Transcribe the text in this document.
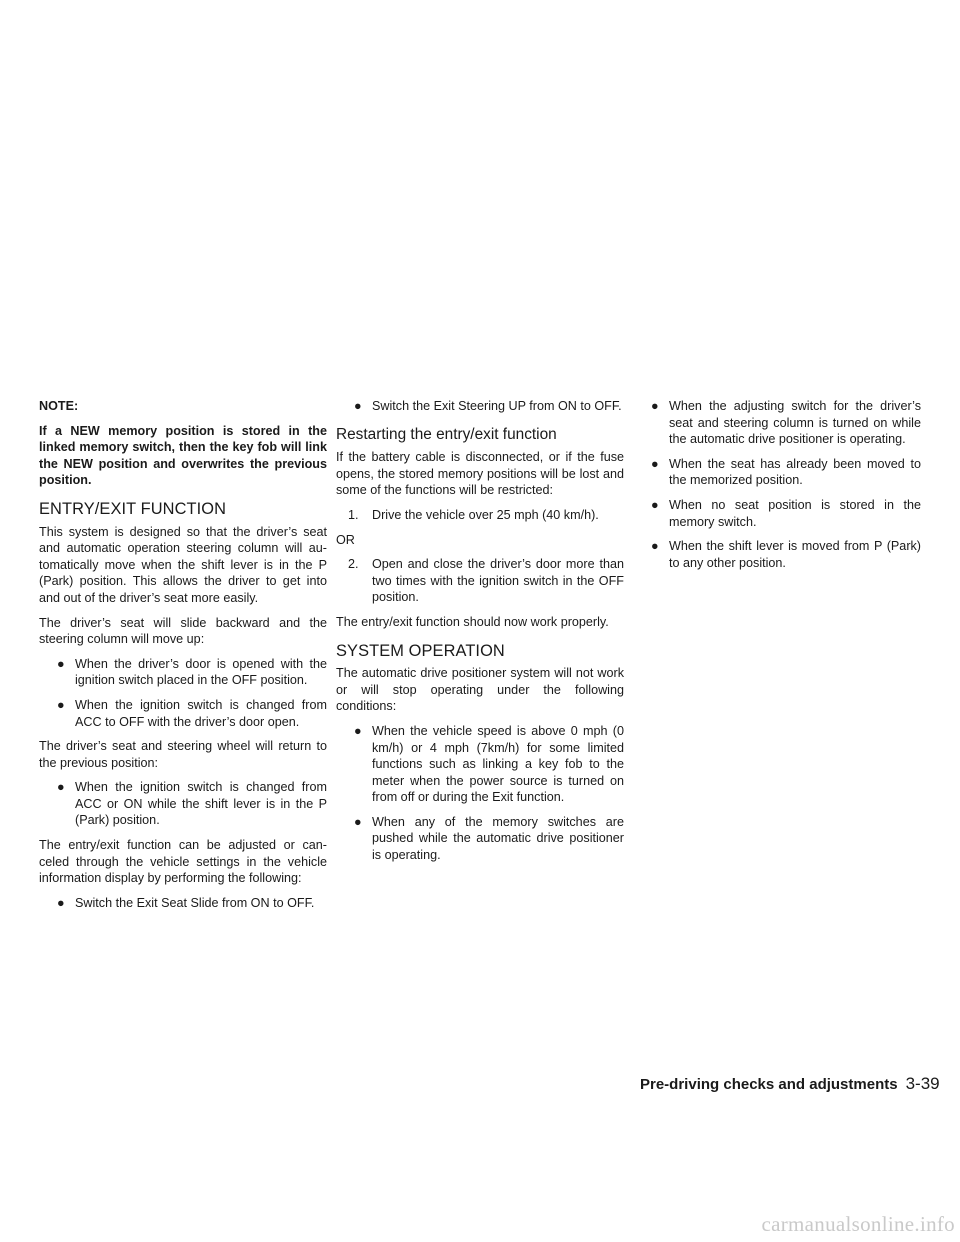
NOTE:

If a NEW memory position is stored in the linked memory switch, then the key fob will link the NEW position and overwrites the previous position.

ENTRY/EXIT FUNCTION

This system is designed so that the driver’s seat and automatic operation steering column will au- tomatically move when the shift lever is in the P (Park) position. This allows the driver to get into and out of the driver’s seat more easily.

The driver’s seat will slide backward and the steering column will move up:

● When the driver’s door is opened with the ignition switch placed in the OFF position.
● When the ignition switch is changed from ACC to OFF with the driver’s door open.

The driver’s seat and steering wheel will return to the previous position:

● When the ignition switch is changed from ACC or ON while the shift lever is in the P (Park) position.

The entry/exit function can be adjusted or can- celed through the vehicle settings in the vehicle information display by performing the following:

● Switch the Exit Seat Slide from ON to OFF.
● Switch the Exit Steering UP from ON to OFF.
Restarting the entry/exit function

If the battery cable is disconnected, or if the fuse opens, the stored memory positions will be lost and some of the functions will be restricted:

1. Drive the vehicle over 25 mph (40 km/h).

OR

2. Open and close the driver’s door more than two times with the ignition switch in the OFF position.

The entry/exit function should now work properly.

SYSTEM OPERATION

The automatic drive positioner system will not work or will stop operating under the following conditions:

● When the vehicle speed is above 0 mph (0 km/h) or 4 mph (7km/h) for some limited functions such as linking a key fob to the meter when the power source is turned on from off or during the Exit function.
● When any of the memory switches are pushed while the automatic drive positioner is operating.
● When the adjusting switch for the driver’s seat and steering column is turned on while the automatic drive positioner is operating.
● When the seat has already been moved to the memorized position.
● When no seat position is stored in the memory switch.
● When the shift lever is moved from P (Park) to any other position.
Pre-driving checks and adjustments 3-39
carmanualsonline.info
